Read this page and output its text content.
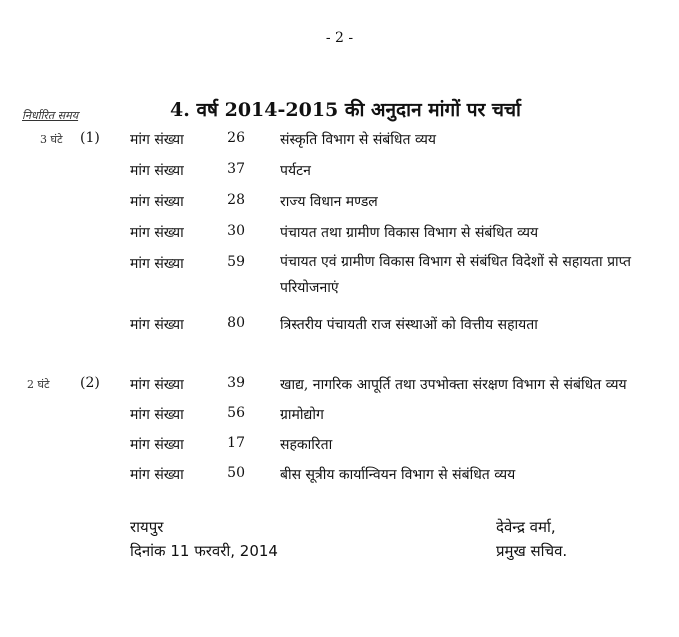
- 2 -
निर्धारित समय	4. वर्ष 2014-2015 की अनुदान मांगों पर चर्चा
3 घंटे (1) मांग संख्या	26	संस्कृति विभाग से संबंधित व्यय
मांग संख्या	37	पर्यटन
मांग संख्या	28	राज्य विधान मण्डल
मांग संख्या	30	पंचायत तथा ग्रामीण विकास विभाग से संबंधित व्यय
मांग संख्या	59	पंचायत एवं ग्रामीण विकास विभाग से संबंधित विदेशों से सहायता प्राप्त परियोजनाएं
मांग संख्या	80	त्रिस्तरीय पंचायती राज संस्थाओं को वित्तीय सहायता
2 घंटे (2) मांग संख्या	39	खाद्य, नागरिक आपूर्ति तथा उपभोक्ता संरक्षण विभाग से संबंधित व्यय
मांग संख्या	56	ग्रामोद्योग
मांग संख्या	17	सहकारिता
मांग संख्या	50	बीस सूत्रीय कार्यान्वियन विभाग से संबंधित व्यय
रायपुर
दिनांक 11 फरवरी, 2014
देवेन्द्र वर्मा,
प्रमुख सचिव.
